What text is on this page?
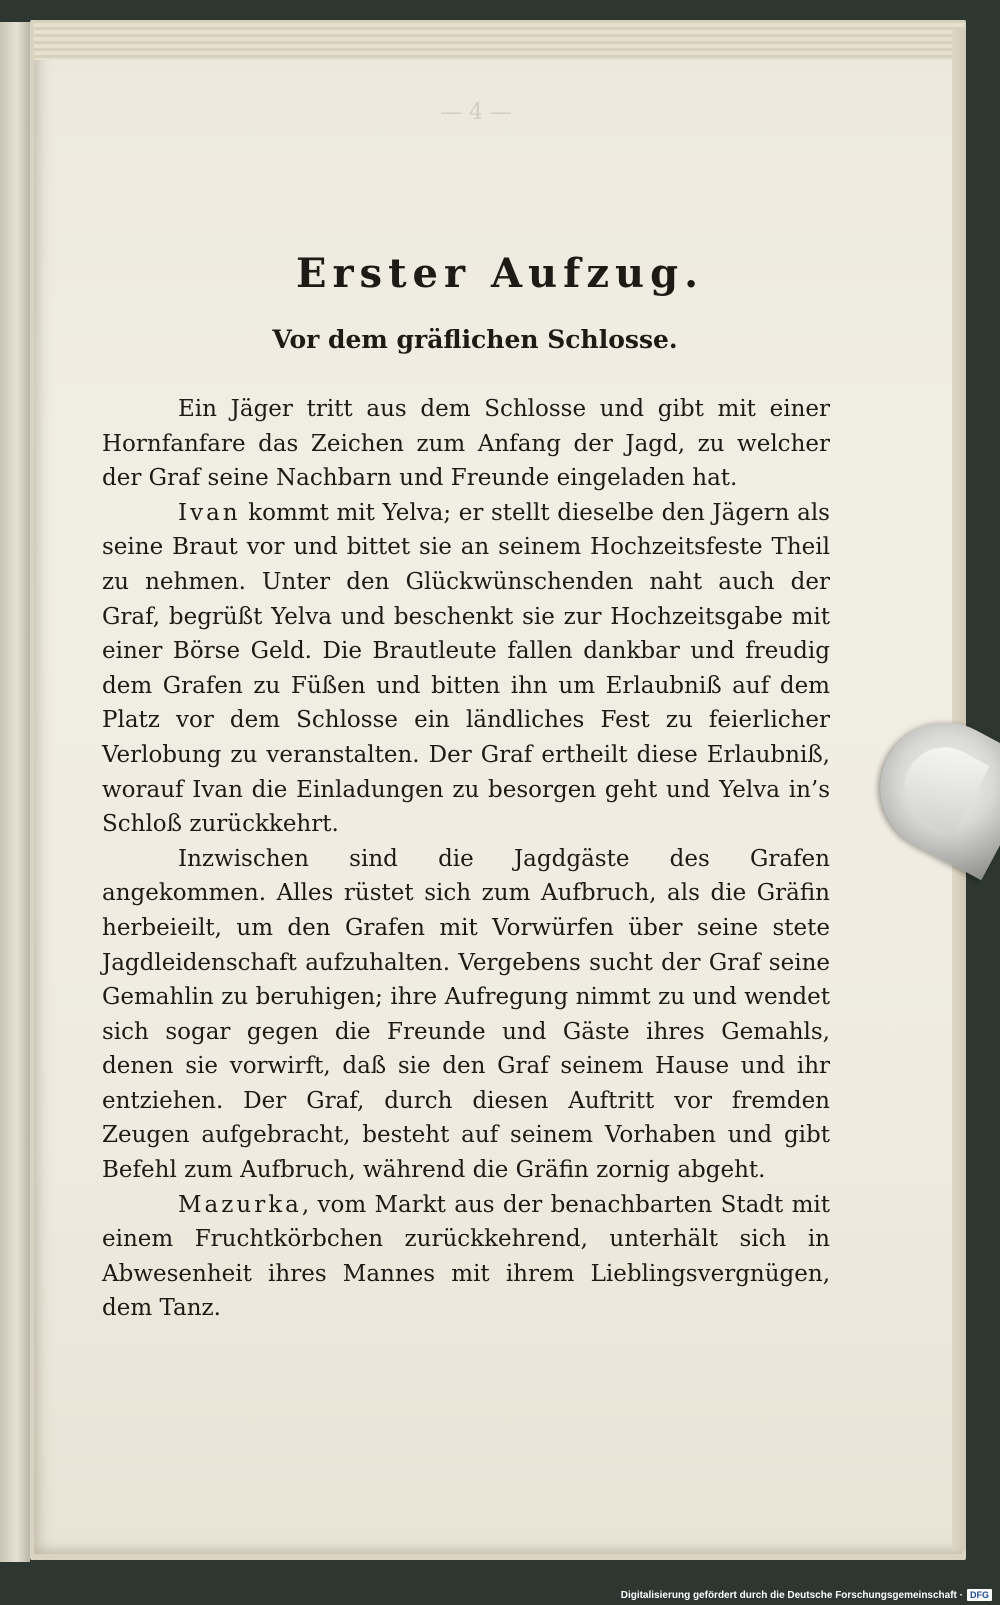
— 4 —
Erster Aufzug.
Vor dem gräflichen Schlosse.

Ein Jäger tritt aus dem Schlosse und gibt mit einer Hornfanfare das Zeichen zum Anfang der Jagd, zu welcher der Graf seine Nachbarn und Freunde eingeladen hat.

Ivan kommt mit Yelva; er stellt dieselbe den Jägern als seine Braut vor und bittet sie an seinem Hochzeitsfeste Theil zu nehmen. Unter den Glückwünschenden naht auch der Graf, begrüßt Yelva und beschenkt sie zur Hochzeitsgabe mit einer Börse Geld. Die Brautleute fallen dankbar und freudig dem Grafen zu Füßen und bitten ihn um Erlaubniß auf dem Platz vor dem Schlosse ein ländliches Fest zu feierlicher Verlobung zu veranstalten. Der Graf ertheilt diese Erlaubniß, worauf Ivan die Einladungen zu besorgen geht und Yelva in’s Schloß zurückkehrt.

Inzwischen sind die Jagdgäste des Grafen angekommen. Alles rüstet sich zum Aufbruch, als die Gräfin herbeieilt, um den Grafen mit Vorwürfen über seine stete Jagdleidenschaft aufzuhalten. Vergebens sucht der Graf seine Gemahlin zu beruhigen; ihre Aufregung nimmt zu und wendet sich sogar gegen die Freunde und Gäste ihres Gemahls, denen sie vorwirft, daß sie den Graf seinem Hause und ihr entziehen. Der Graf, durch diesen Auftritt vor fremden Zeugen aufgebracht, besteht auf seinem Vorhaben und gibt Befehl zum Aufbruch, während die Gräfin zornig abgeht.

Mazurka, vom Markt aus der benachbarten Stadt mit einem Fruchtkörbchen zurückkehrend, unterhält sich in Abwesenheit ihres Mannes mit ihrem Lieblingsvergnügen, dem Tanz.

Digitalisierung gefördert durch die Deutsche Forschungsgemeinschaft · DFG
